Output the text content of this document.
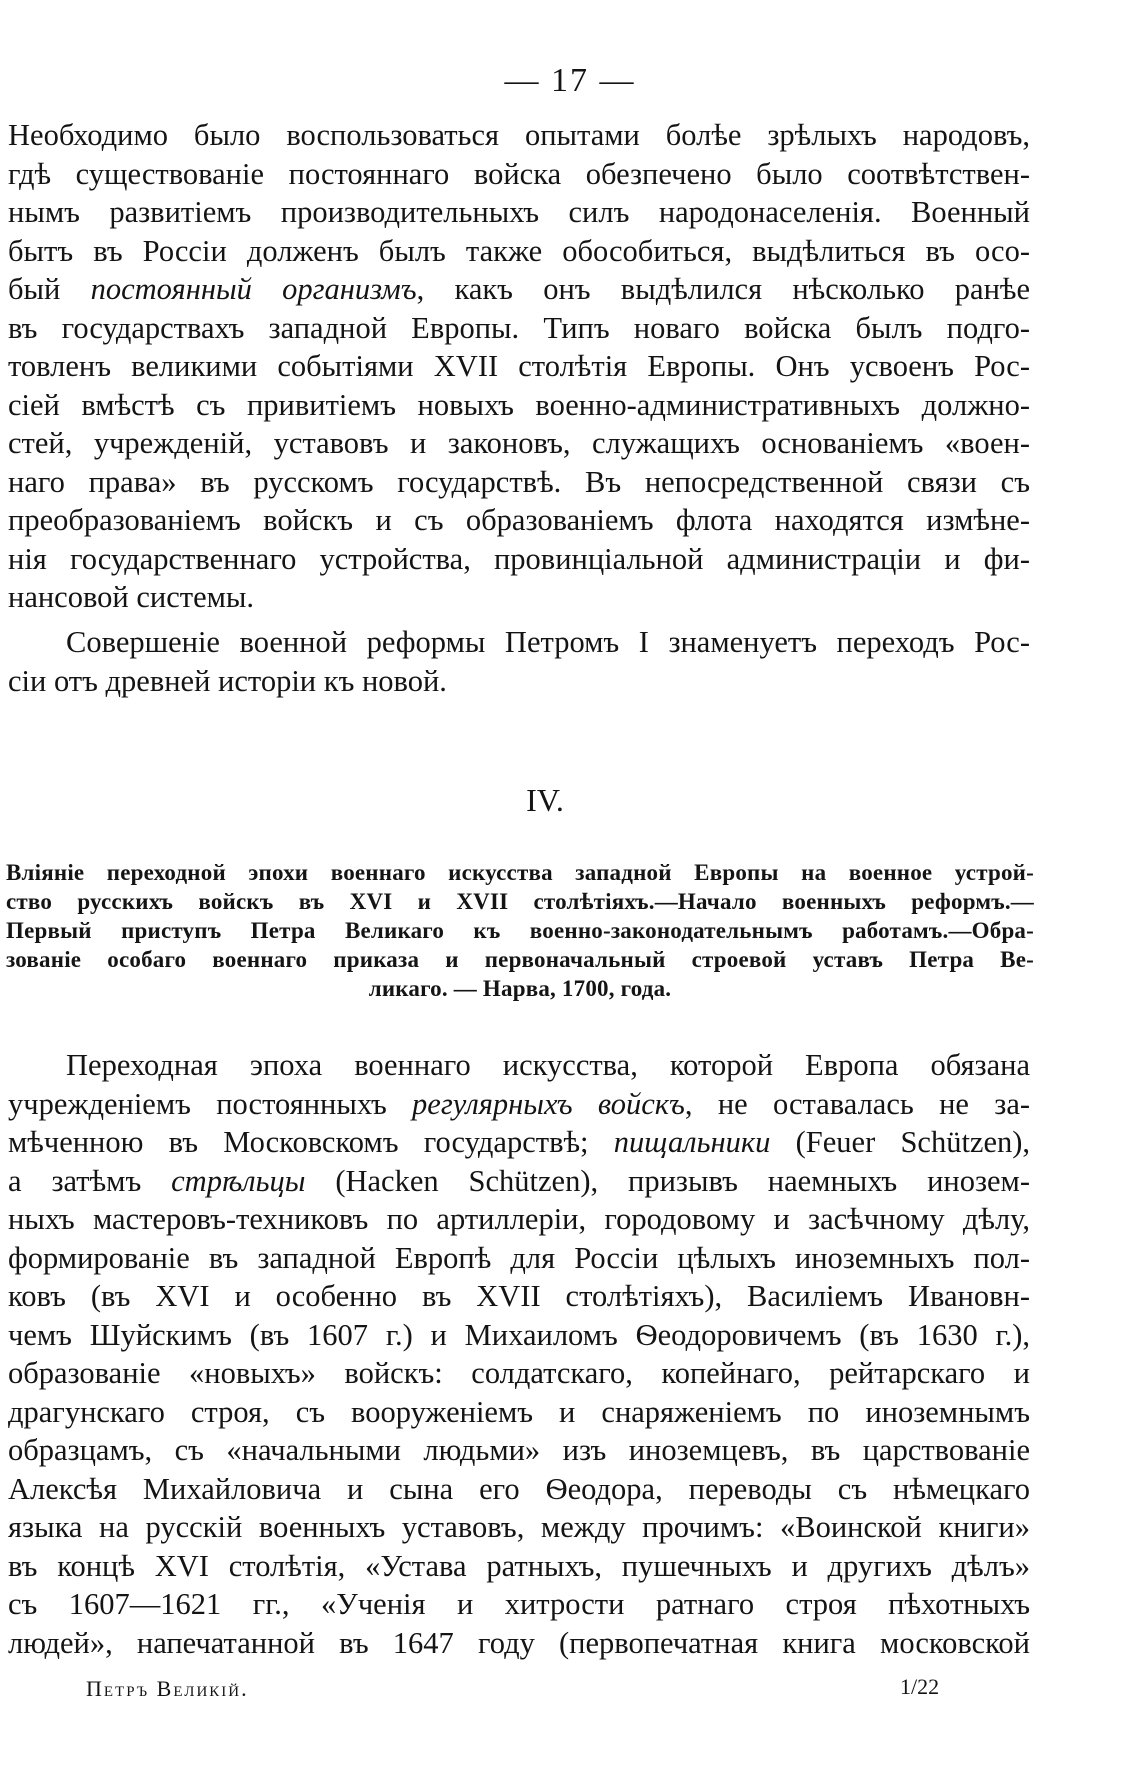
— 17 —
Необходимо было воспользоваться опытами болѣе зрѣлыхъ народовъ,
гдѣ существованіе постояннаго войска обезпечено было соотвѣтствен-
нымъ развитіемъ производительныхъ силъ народонаселенія. Военный
бытъ въ Россіи долженъ былъ также обособиться, выдѣлиться въ осо-
бый постоянный организмъ, какъ онъ выдѣлился нѣсколько ранѣе
въ государствахъ западной Европы. Типъ новаго войска былъ подго-
товленъ великими событіями XVII столѣтія Европы. Онъ усвоенъ Рос-
сіей вмѣстѣ съ привитіемъ новыхъ военно-административныхъ должно-
стей, учрежденій, уставовъ и законовъ, служащихъ основаніемъ «воен-
наго права» въ русскомъ государствѣ. Въ непосредственной связи съ
преобразованіемъ войскъ и съ образованіемъ флота находятся измѣне-
нія государственнаго устройства, провинціальной администраціи и фи-
нансовой системы.
Совершеніе военной реформы Петромъ I знаменуетъ переходъ Рос-
сіи отъ древней исторіи къ новой.
IV.
Вліяніе переходной эпохи военнаго искусства западной Европы на военное устрой-
ство русскихъ войскъ въ XVI и XVII столѣтіяхъ.—Начало военныхъ реформъ.—
Первый приступъ Петра Великаго къ военно-законодательнымъ работамъ.—Обра-
зованіе особаго военнаго приказа и первоначальный строевой уставъ Петра Ве-
ликаго. — Нарва, 1700, года.
Переходная эпоха военнаго искусства, которой Европа обязана
учрежденіемъ постоянныхъ регулярныхъ войскъ, не оставалась не за-
мѣченною въ Московскомъ государствѣ; пищальники (Feuer Schützen),
а затѣмъ стрѣльцы (Hacken Schützen), призывъ наемныхъ инозем-
ныхъ мастеровъ-техниковъ по артиллеріи, городовому и засѣчному дѣлу,
формированіе въ западной Европѣ для Россіи цѣлыхъ иноземныхъ пол-
ковъ (въ XVI и особенно въ XVII столѣтіяхъ), Василіемъ Ивановн-
чемъ Шуйскимъ (въ 1607 г.) и Михаиломъ Ѳеодоровичемъ (въ 1630 г.),
образованіе «новыхъ» войскъ: солдатскаго, копейнаго, рейтарскаго и
драгунскаго строя, съ вооруженіемъ и снаряженіемъ по иноземнымъ
образцамъ, съ «начальными людьми» изъ иноземцевъ, въ царствованіе
Алексѣя Михайловича и сына его Ѳеодора, переводы съ нѣмецкаго
языка на русскій военныхъ уставовъ, между прочимъ: «Воинской книги»
въ концѣ XVI столѣтія, «Устава ратныхъ, пушечныхъ и другихъ дѣлъ»
съ 1607—1621 гг., «Ученія и хитрости ратнаго строя пѣхотныхъ
людей», напечатанной въ 1647 году (первопечатная книга московской
Петръ Великій.	1/22
